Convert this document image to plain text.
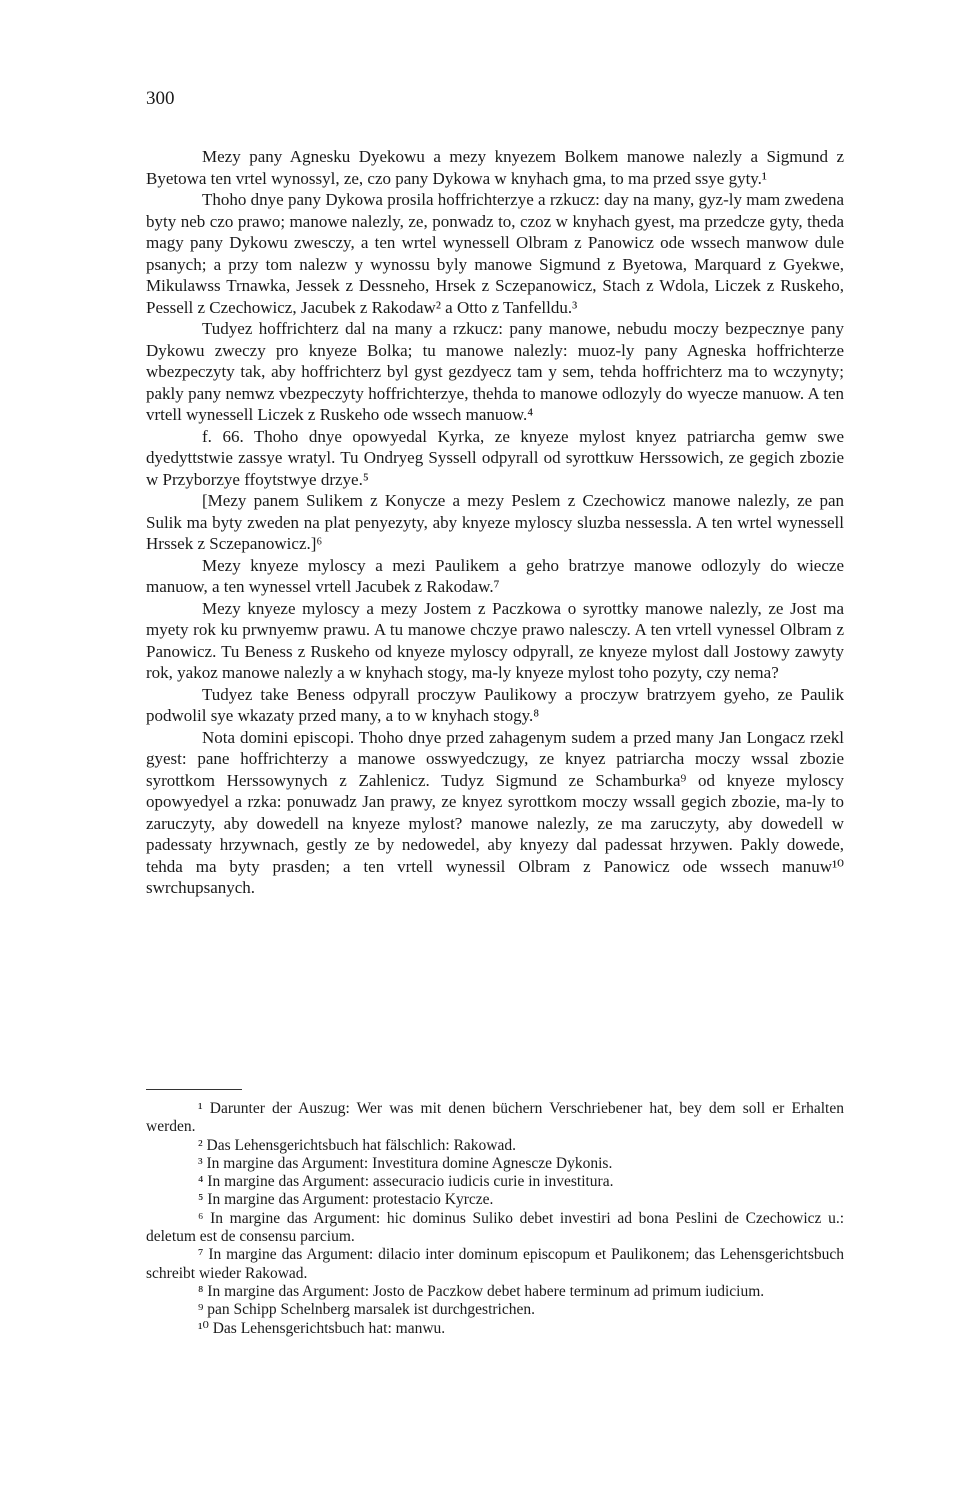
300

Mezy pany Agnesku Dyekowu a mezy knyezem Bolkem manowe nalezly a Sigmund z Byetowa ten vrtel wynossyl, ze, czo pany Dykowa w knyhach gma, to ma przed ssye gyty.¹

Thoho dnye pany Dykowa prosila hoffrichterzye a rzkucz: day na many, gyz-ly mam zwedena byty neb czo prawo; manowe nalezly, ze, ponwadz to, czoz w knyhach gyest, ma przedcze gyty, theda magy pany Dykowu zwesczy, a ten wrtel wynessell Olbram z Panowicz ode wssech manwow dule psanych; a przy tom nalezw y wynossu byly manowe Sigmund z Byetowa, Marquard z Gyekwe, Mikulawss Trnawka, Jessek z Dessneho, Hrsek z Sczepanowicz, Stach z Wdola, Liczek z Ruskeho, Pessell z Czechowicz, Jacubek z Rakodaw² a Otto z Tanfelldu.³

Tudyez hoffrichterz dal na many a rzkucz: pany manowe, nebudu moczy bezpecznye pany Dykowu zweczy pro knyeze Bolka; tu manowe nalezly: muoz-ly pany Agneska hoffrichterze wbezpeczyty tak, aby hoffrichterz byl gyst gezdyecz tam y sem, tehda hoffrichterz ma to wczynyty; pakly pany nemwz vbezpeczyty hoffrichterzye, thehda to manowe odlozyly do wyecze manuow. A ten vrtell wynessell Liczek z Ruskeho ode wssech manuow.⁴

f. 66. Thoho dnye opowyedal Kyrka, ze knyeze mylost knyez patriarcha gemw swe dyedyttstwie zassye wratyl. Tu Ondryeg Syssell odpyrall od syrottkuw Herssowich, ze gegich zbozie w Przyborzye ffoytstwye drzye.⁵

[Mezy panem Sulikem z Konycze a mezy Peslem z Czechowicz manowe nalezly, ze pan Sulik ma byty zweden na plat penyezyty, aby knyeze myloscy sluzba nessessla. A ten wrtel wynessell Hrssek z Sczepanowicz.]⁶

Mezy knyeze myloscy a mezi Paulikem a geho bratrzye manowe odlozyly do wiecze manuow, a ten wynessel vrtell Jacubek z Rakodaw.⁷

Mezy knyeze myloscy a mezy Jostem z Paczkowa o syrottky manowe nalezly, ze Jost ma myety rok ku prwnyemw prawu. A tu manowe chczye prawo nalesczy. A ten vrtell vynessel Olbram z Panowicz. Tu Beness z Ruskeho od knyeze myloscy odpyrall, ze knyeze mylost dall Jostowy zawyty rok, yakoz manowe nalezly a w knyhach stogy, ma-ly knyeze mylost toho pozyty, czy nema?

Tudyez take Beness odpyrall proczyw Paulikowy a proczyw bratrzyem gyeho, ze Paulik podwolil sye wkazaty przed many, a to w knyhach stogy.⁸

Nota domini episcopi. Thoho dnye przed zahagenym sudem a przed many Jan Longacz rzekl gyest: pane hoffrichterzy a manowe osswyedczugy, ze knyez patriarcha moczy wssal zbozie syrottkom Herssowynych z Zahlenicz. Tudyz Sigmund ze Schamburka⁹ od knyeze myloscy opowyedyel a rzka: ponuwadz Jan prawy, ze knyez syrottkom moczy wssall gegich zbozie, ma-ly to zaruczyty, aby dowedell na knyeze mylost? manowe nalezly, ze ma zaruczyty, aby dowedell w padessaty hrzywnach, gestly ze by nedowedel, aby knyezy dal padessat hrzywen. Pakly dowede, tehda ma byty prasden; a ten vrtell wynessil Olbram z Panowicz ode wssech manuw¹⁰ swrchupsanych.

¹ Darunter der Auszug: Wer was mit denen büchern Verschriebener hat, bey dem soll er Erhalten werden.

² Das Lehensgerichtsbuch hat fälschlich: Rakowad.

³ In margine das Argument: Investitura domine Agnescze Dykonis.

⁴ In margine das Argument: assecuracio iudicis curie in investitura.

⁵ In margine das Argument: protestacio Kyrcze.

⁶ In margine das Argument: hic dominus Suliko debet investiri ad bona Peslini de Czechowicz u.: deletum est de consensu parcium.

⁷ In margine das Argument: dilacio inter dominum episcopum et Paulikonem; das Lehensgerichtsbuch schreibt wieder Rakowad.

⁸ In margine das Argument: Josto de Paczkow debet habere terminum ad primum iudicium.

⁹ pan Schipp Schelnberg marsalek ist durchgestrichen.

¹⁰ Das Lehensgerichtsbuch hat: manwu.
